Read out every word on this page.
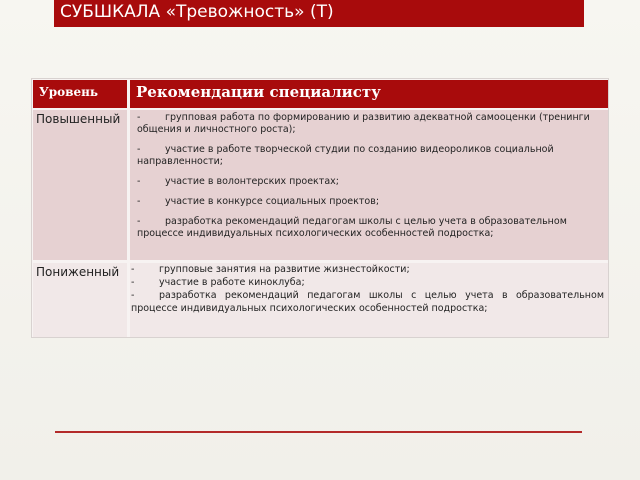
СУБШКАЛА «Тревожность» (Т)
Уровень	Рекомендации специалисту
Повышенный	-	групповая работа по формированию и развитию адекватной самооценки (тренинги общения и личностного роста);
-	участие в работе творческой студии по созданию видеороликов социальной направленности;
-	участие в волонтерских проектах;
-	участие в конкурсе социальных проектов;
-	разработка рекомендаций педагогам школы с целью учета в образовательном процессе индивидуальных психологических особенностей подростка;
Пониженный	-	групповые занятия на развитие жизнестойкости;
-	участие в работе киноклуба;
-	разработка рекомендаций педагогам школы с целью учета в образовательном процессе индивидуальных психологических особенностей подростка;
